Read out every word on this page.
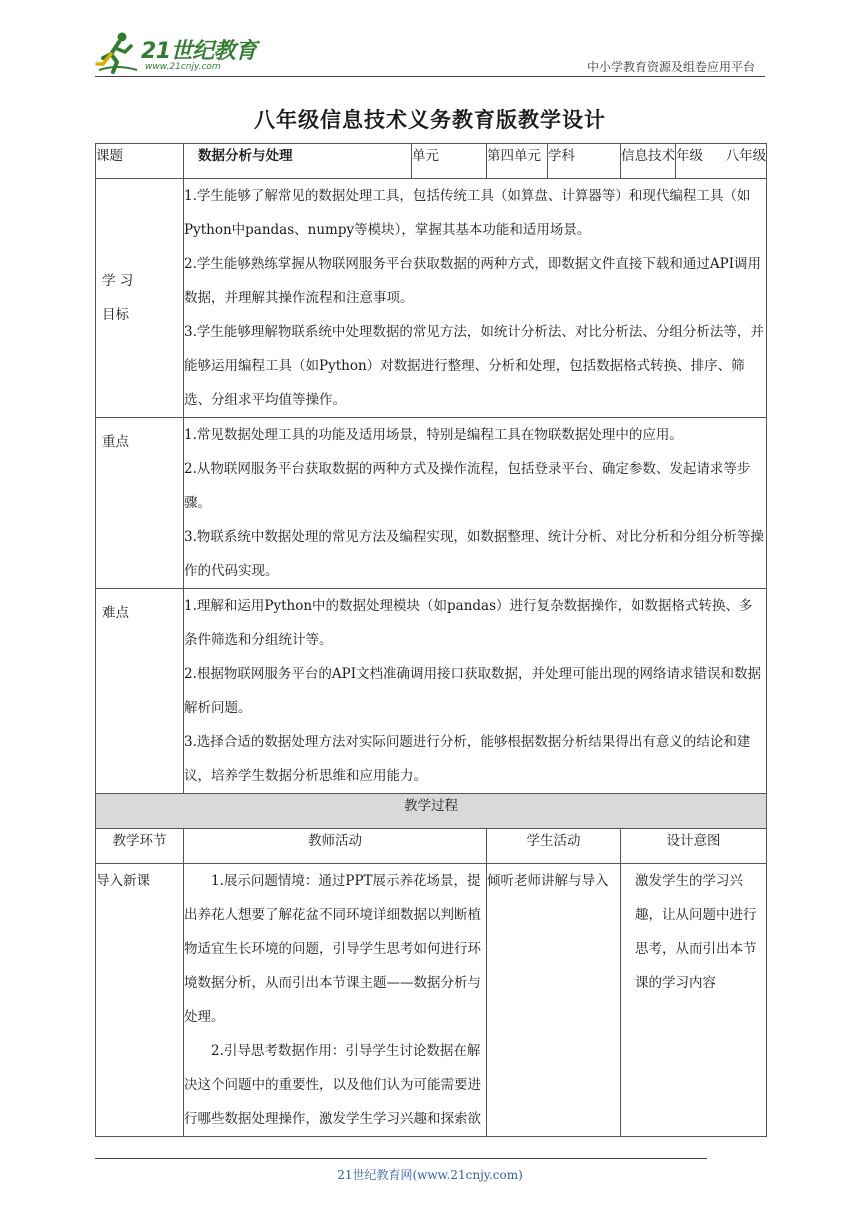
21世纪教育
www.21cnjy.com	中小学教育资源及组卷应用平台
八年级信息技术义务教育版教学设计
课题	数据分析与处理	单元	第四单元	学科	信息技术	年级 八年级

学 习 目标	1.学生能够了解常见的数据处理工具，包括传统工具（如算盘、计算器等）和现代编程工具（如Python中pandas、numpy等模块），掌握其基本功能和适用场景。

2.学生能够熟练掌握从物联网服务平台获取数据的两种方式，即数据文件直接下载和通过API调用数据，并理解其操作流程和注意事项。

3.学生能够理解物联系统中处理数据的常见方法，如统计分析法、对比分析法、分组分析法等，并能够运用编程工具（如Python）对数据进行整理、分析和处理，包括数据格式转换、排序、筛选、分组求平均值等操作。					

重点	1.常见数据处理工具的功能及适用场景，特别是编程工具在物联数据处理中的应用。

2.从物联网服务平台获取数据的两种方式及操作流程，包括登录平台、确定参数、发起请求等步骤。

3.物联系统中数据处理的常见方法及编程实现，如数据整理、统计分析、对比分析和分组分析等操作的代码实现。					

难点	1.理解和运用Python中的数据处理模块（如pandas）进行复杂数据操作，如数据格式转换、多条件筛选和分组统计等。

2.根据物联网服务平台的API文档准确调用接口获取数据，并处理可能出现的网络请求错误和数据解析问题。

3.选择合适的数据处理方法对实际问题进行分析，能够根据数据分析结果得出有意义的结论和建议，培养学生数据分析思维和应用能力。					

教学过程						
教学环节	教师活动		学生活动		设计意图	
导入新课	1.展示问题情境：通过PPT展示养花场景，提出养花人想要了解花盆不同环境详细数据以判断植物适宜生长环境的问题，引导学生思考如何进行环境数据分析，从而引出本节课主题——数据分析与处理。

2.引导思考数据作用：引导学生讨论数据在解决这个问题中的重要性，以及他们认为可能需要进行哪些数据处理操作，激发学生学习兴趣和探索欲		倾听老师讲解与导入		激发学生的学习兴趣，让从问题中进行思考，从而引出本节课的学习内容	
21世纪教育网(www.21cnjy.com)
